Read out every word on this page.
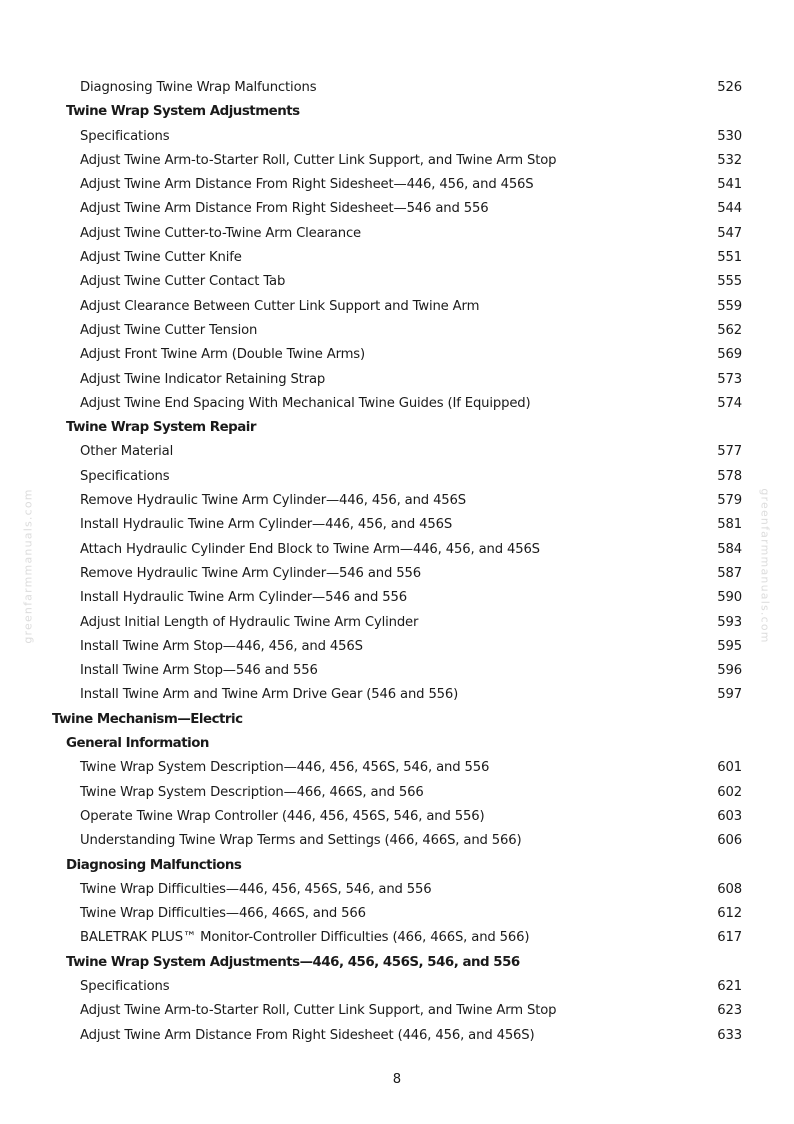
greenfarmmanuals.com	greenfarmmanuals.com
Diagnosing Twine Wrap Malfunctions	526
Twine Wrap System Adjustments
Specifications	530
Adjust Twine Arm-to-Starter Roll, Cutter Link Support, and Twine Arm Stop	532
Adjust Twine Arm Distance From Right Sidesheet—446, 456, and 456S	541
Adjust Twine Arm Distance From Right Sidesheet—546 and 556	544
Adjust Twine Cutter-to-Twine Arm Clearance	547
Adjust Twine Cutter Knife	551
Adjust Twine Cutter Contact Tab	555
Adjust Clearance Between Cutter Link Support and Twine Arm	559
Adjust Twine Cutter Tension	562
Adjust Front Twine Arm (Double Twine Arms)	569
Adjust Twine Indicator Retaining Strap	573
Adjust Twine End Spacing With Mechanical Twine Guides (If Equipped)	574
Twine Wrap System Repair
Other Material	577
Specifications	578
Remove Hydraulic Twine Arm Cylinder—446, 456, and 456S	579
Install Hydraulic Twine Arm Cylinder—446, 456, and 456S	581
Attach Hydraulic Cylinder End Block to Twine Arm—446, 456, and 456S	584
Remove Hydraulic Twine Arm Cylinder—546 and 556	587
Install Hydraulic Twine Arm Cylinder—546 and 556	590
Adjust Initial Length of Hydraulic Twine Arm Cylinder	593
Install Twine Arm Stop—446, 456, and 456S	595
Install Twine Arm Stop—546 and 556	596
Install Twine Arm and Twine Arm Drive Gear (546 and 556)	597
Twine Mechanism—Electric
General Information
Twine Wrap System Description—446, 456, 456S, 546, and 556	601
Twine Wrap System Description—466, 466S, and 566	602
Operate Twine Wrap Controller (446, 456, 456S, 546, and 556)	603
Understanding Twine Wrap Terms and Settings (466, 466S, and 566)	606
Diagnosing Malfunctions
Twine Wrap Difficulties—446, 456, 456S, 546, and 556	608
Twine Wrap Difficulties—466, 466S, and 566	612
BALETRAK PLUS™ Monitor-Controller Difficulties (466, 466S, and 566)	617
Twine Wrap System Adjustments—446, 456, 456S, 546, and 556
Specifications	621
Adjust Twine Arm-to-Starter Roll, Cutter Link Support, and Twine Arm Stop	623
Adjust Twine Arm Distance From Right Sidesheet (446, 456, and 456S)	633
8
